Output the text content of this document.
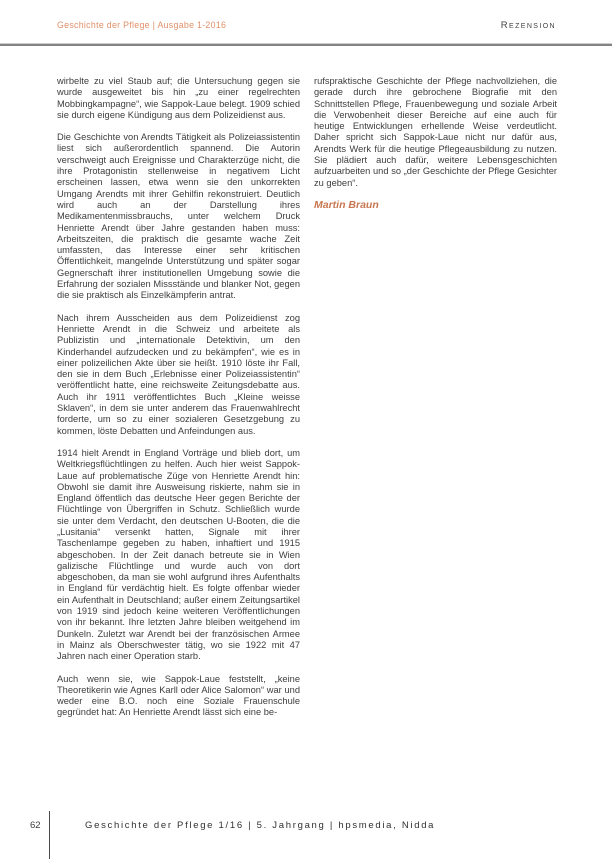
Geschichte der Pflege | Ausgabe 1-2016	Rezension

wirbelte zu viel Staub auf; die Untersuchung gegen sie wurde ausgeweitet bis hin „zu einer regelrechten Mobbingkampagne“, wie Sappok-Laue belegt. 1909 schied sie durch eigene Kündigung aus dem Polizeidienst aus.

Die Geschichte von Arendts Tätigkeit als Polizeiassistentin liest sich außerordentlich spannend. Die Autorin verschweigt auch Ereignisse und Charakterzüge nicht, die ihre Protagonistin stellenweise in negativem Licht erscheinen lassen, etwa wenn sie den unkorrekten Umgang Arendts mit ihrer Gehilfin rekonstruiert. Deutlich wird auch an der Darstellung ihres Medikamentenmissbrauchs, unter welchem Druck Henriette Arendt über Jahre gestanden haben muss: Arbeitszeiten, die praktisch die gesamte wache Zeit umfassten, das Interesse einer sehr kritischen Öffentlichkeit, mangelnde Unterstützung und später sogar Gegnerschaft ihrer institutionellen Umgebung sowie die Erfahrung der sozialen Missstände und blanker Not, gegen die sie praktisch als Einzelkämpferin antrat.

Nach ihrem Ausscheiden aus dem Polizeidienst zog Henriette Arendt in die Schweiz und arbeitete als Publizistin und „internationale Detektivin, um den Kinderhandel aufzudecken und zu bekämpfen“, wie es in einer polizeilichen Akte über sie heißt. 1910 löste ihr Fall, den sie in dem Buch „Erlebnisse einer Polizeiassistentin“ veröffentlicht hatte, eine reichsweite Zeitungsdebatte aus. Auch ihr 1911 veröffentlichtes Buch „Kleine weisse Sklaven“, in dem sie unter anderem das Frauenwahlrecht forderte, um so zu einer sozialeren Gesetzgebung zu kommen, löste Debatten und Anfeindungen aus.

1914 hielt Arendt in England Vorträge und blieb dort, um Weltkriegsflüchtlingen zu helfen. Auch hier weist Sappok-Laue auf problematische Züge von Henriette Arendt hin: Obwohl sie damit ihre Ausweisung riskierte, nahm sie in England öffentlich das deutsche Heer gegen Berichte der Flüchtlinge von Übergriffen in Schutz. Schließlich wurde sie unter dem Verdacht, den deutschen U-Booten, die die „Lusitania“ versenkt hatten, Signale mit ihrer Taschenlampe gegeben zu haben, inhaftiert und 1915 abgeschoben. In der Zeit danach betreute sie in Wien galizische Flüchtlinge und wurde auch von dort abgeschoben, da man sie wohl aufgrund ihres Aufenthalts in England für verdächtig hielt. Es folgte offenbar wieder ein Aufenthalt in Deutschland; außer einem Zeitungsartikel von 1919 sind jedoch keine weiteren Veröffentlichungen von ihr bekannt. Ihre letzten Jahre bleiben weitgehend im Dunkeln. Zuletzt war Arendt bei der französischen Armee in Mainz als Oberschwester tätig, wo sie 1922 mit 47 Jahren nach einer Operation starb.

Auch wenn sie, wie Sappok-Laue feststellt, „keine Theoretikerin wie Agnes Karll oder Alice Salomon“ war und weder eine B.O. noch eine Soziale Frauenschule gegründet hat: An Henriette Arendt lässt sich eine be-

rufspraktische Geschichte der Pflege nachvollziehen, die gerade durch ihre gebrochene Biografie mit den Schnittstellen Pflege, Frauenbewegung und soziale Arbeit die Verwobenheit dieser Bereiche auf eine auch für heutige Entwicklungen erhellende Weise verdeutlicht. Daher spricht sich Sappok-Laue nicht nur dafür aus, Arendts Werk für die heutige Pflegeausbildung zu nutzen. Sie plädiert auch dafür, weitere Lebensgeschichten aufzuarbeiten und so „der Geschichte der Pflege Gesichter zu geben“.

Martin Braun
62	Geschichte der Pflege 1/16 | 5. Jahrgang | hpsmedia, Nidda
